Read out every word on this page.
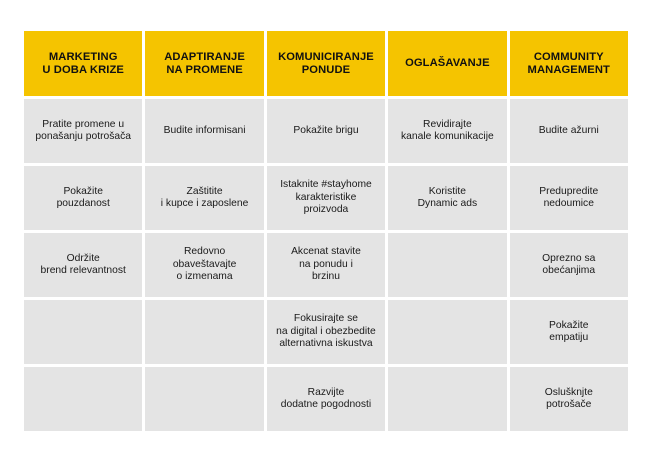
MARKETING
U DOBA KRIZE
ADAPTIRANJE
NA PROMENE
KOMUNICIRANJE
PONUDE
OGLAŠAVANJE
COMMUNITY
MANAGEMENT
Pratite promene u
ponašanju potrošača
Budite informisani	Pokažite brigu
Revidirajte
kanale komunikacije
Budite ažurni
Pokažite
pouzdanost
Zaštitite
i kupce i zaposlene
Istaknite #stayhome
karakteristike
proizvoda
Koristite
Dynamic ads
Predupredite
nedoumice
Održite
brend relevantnost
Redovno
obaveštavajte
o izmenama
Akcenat stavite
na ponudu i
brzinu
Oprezno sa
obećanjima
Fokusirajte se
na digital i obezbedite
alternativna iskustva
Pokažite
empatiju
Razvijte
dodatne pogodnosti
Oslušknjte
potrošače
